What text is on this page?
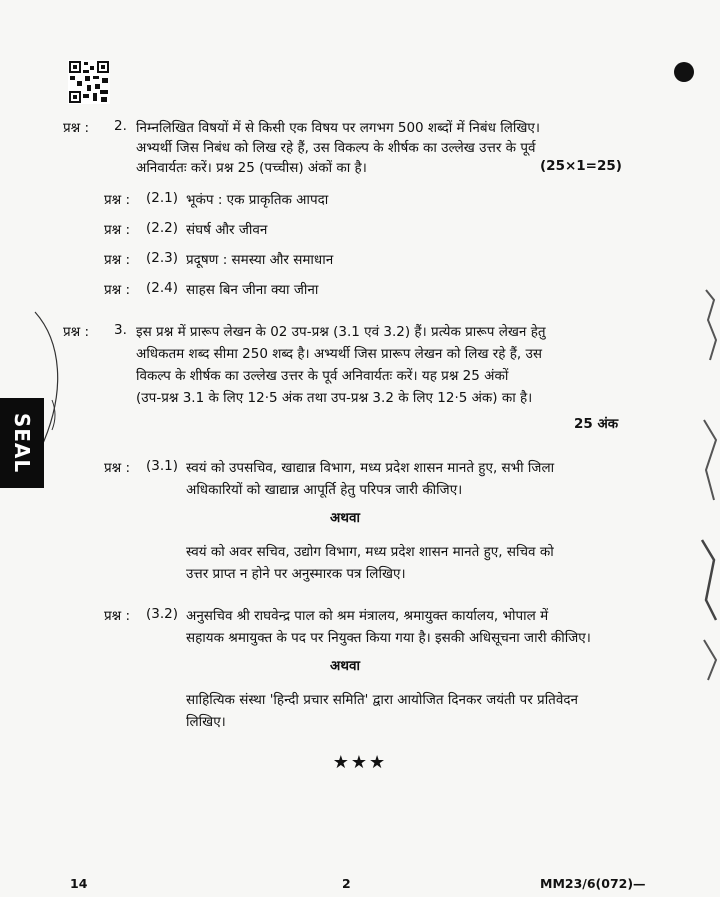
SEAL
प्रश्न : 2. निम्नलिखित विषयों में से किसी एक विषय पर लगभग 500 शब्दों में निबंध लिखिए।
अभ्यर्थी जिस निबंध को लिख रहे हैं, उस विकल्प के शीर्षक का उल्लेख उत्तर के पूर्व
अनिवार्यतः करें। प्रश्न 25 (पच्चीस) अंकों का है।	(25×1=25)
प्रश्न : (2.1) भूकंप : एक प्राकृतिक आपदा
प्रश्न : (2.2) संघर्ष और जीवन
प्रश्न : (2.3) प्रदूषण : समस्या और समाधान
प्रश्न : (2.4) साहस बिन जीना क्या जीना
प्रश्न : 3. इस प्रश्न में प्रारूप लेखन के 02 उप-प्रश्न (3.1 एवं 3.2) हैं। प्रत्येक प्रारूप लेखन हेतु
अधिकतम शब्द सीमा 250 शब्द है। अभ्यर्थी जिस प्रारूप लेखन को लिख रहे हैं, उस
विकल्प के शीर्षक का उल्लेख उत्तर के पूर्व अनिवार्यतः करें। यह प्रश्न 25 अंकों
(उप-प्रश्न 3.1 के लिए 12·5 अंक तथा उप-प्रश्न 3.2 के लिए 12·5 अंक) का है।
25 अंक
प्रश्न : (3.1) स्वयं को उपसचिव, खाद्यान्न विभाग, मध्य प्रदेश शासन मानते हुए, सभी जिला
अधिकारियों को खाद्यान्न आपूर्ति हेतु परिपत्र जारी कीजिए।
अथवा
स्वयं को अवर सचिव, उद्योग विभाग, मध्य प्रदेश शासन मानते हुए, सचिव को
उत्तर प्राप्त न होने पर अनुस्मारक पत्र लिखिए।
प्रश्न : (3.2) अनुसचिव श्री राघवेन्द्र पाल को श्रम मंत्रालय, श्रमायुक्त कार्यालय, भोपाल में
सहायक श्रमायुक्त के पद पर नियुक्त किया गया है। इसकी अधिसूचना जारी कीजिए।
अथवा
साहित्यिक संस्था 'हिन्दी प्रचार समिति' द्वारा आयोजित दिनकर जयंती पर प्रतिवेदन
लिखिए।
★★★
14	2	MM23/6(072)—
